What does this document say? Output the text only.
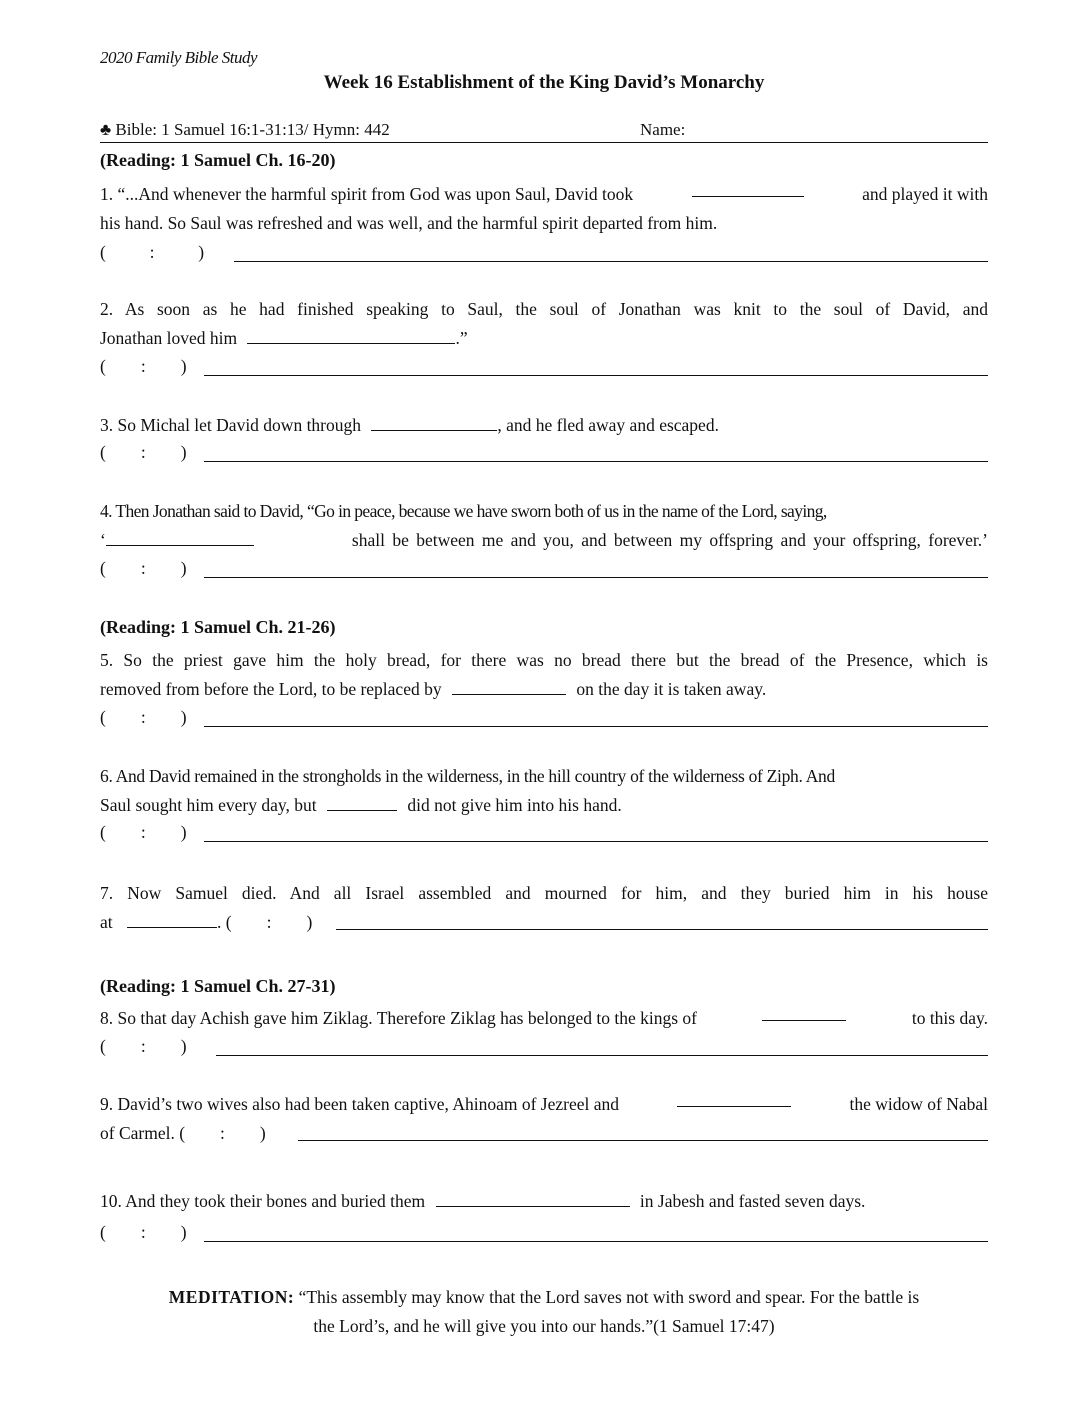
2020 Family Bible Study
Week 16 Establishment of the King David’s Monarchy
♣ Bible: 1 Samuel 16:1-31:13/ Hymn: 442	Name:
(Reading: 1 Samuel Ch. 16-20)
1. “...And whenever the harmful spirit from God was upon Saul, David took	and played it with
his hand. So Saul was refreshed and was well, and the harmful spirit departed from him.
(          :          )
2. As soon as he had finished speaking to Saul, the soul of Jonathan was knit to the soul of David, and
Jonathan loved him	.”
(        :        )
3. So Michal let David down through	, and he fled away and escaped.
(        :        )
4. Then Jonathan said to David, “Go in peace, because we have sworn both of us in the name of the Lord, saying,
‘	shall be between me and you, and between my offspring and your offspring, forever.’
(        :        )
(Reading: 1 Samuel Ch. 21-26)
5. So the priest gave him the holy bread, for there was no bread there but the bread of the Presence, which is
removed from before the Lord, to be replaced by	on the day it is taken away.
(        :        )
6. And David remained in the strongholds in the wilderness, in the hill country of the wilderness of Ziph. And
Saul sought him every day, but	did not give him into his hand.
(        :        )
7. Now Samuel died. And all Israel assembled and mourned for him, and they buried him in his house
at	. (        :        )
(Reading: 1 Samuel Ch. 27-31)
8. So that day Achish gave him Ziklag. Therefore Ziklag has belonged to the kings of	to this day.
(        :        )
9. David’s two wives also had been taken captive, Ahinoam of Jezreel and	the widow of Nabal
of Carmel. (        :        )
10. And they took their bones and buried them	in Jabesh and fasted seven days.
(        :        )
MEDITATION: “This assembly may know that the Lord saves not with sword and spear. For the battle is
the Lord’s, and he will give you into our hands.”(1 Samuel 17:47)
